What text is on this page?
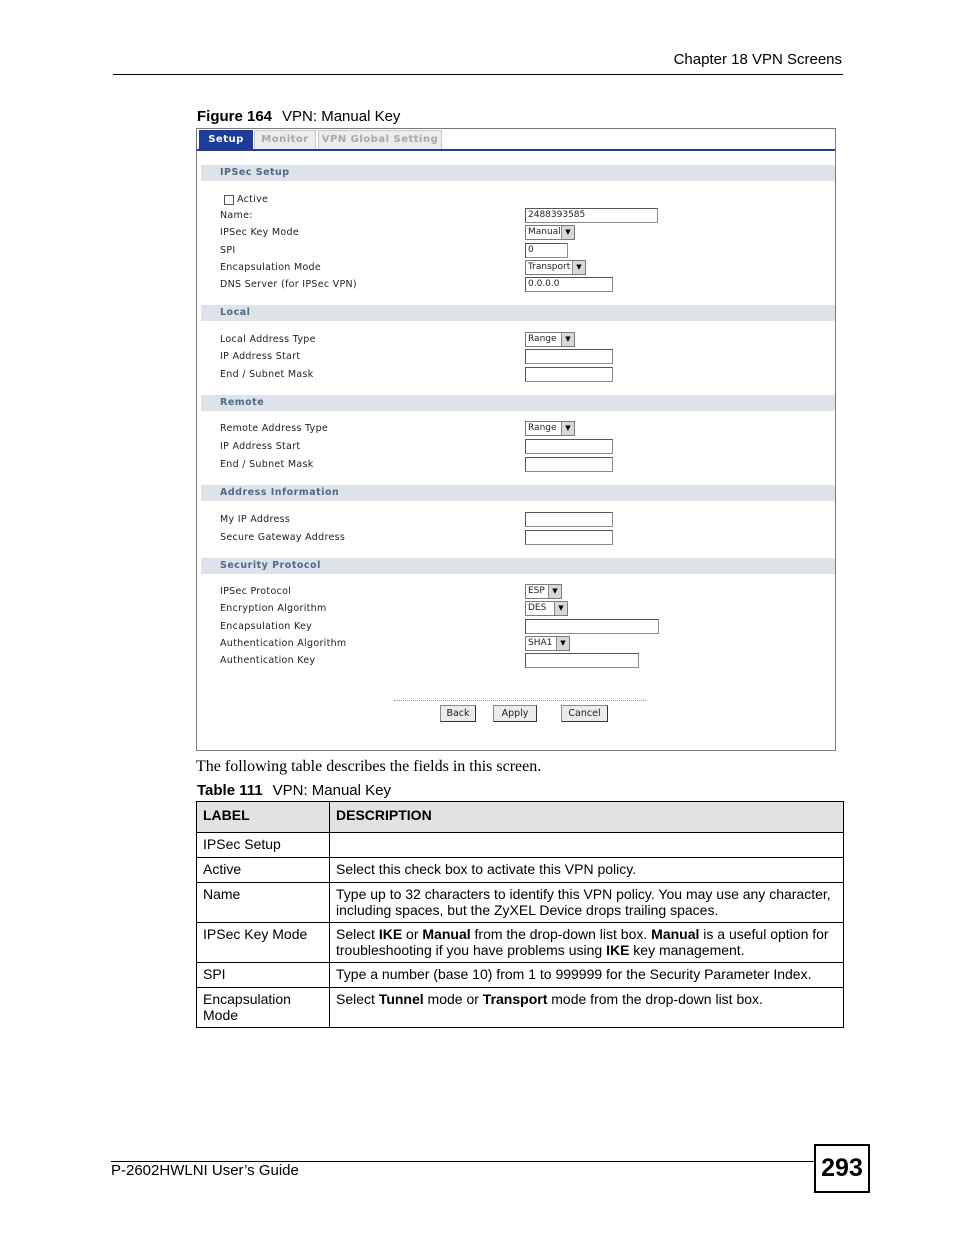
Chapter 18 VPN Screens
Figure 164 VPN: Manual Key
Setup	Monitor	VPN Global Setting
IPSec Setup
Active
Name:	2488393585
IPSec Key Mode	Manual ▼
SPI	0
Encapsulation Mode	Transport ▼
DNS Server (for IPSec VPN)	0.0.0.0
Local
Local Address Type	Range	▼
IP Address Start
End / Subnet Mask
Remote
Remote Address Type	Range	▼
IP Address Start
End / Subnet Mask
Address Information
My IP Address
Secure Gateway Address
Security Protocol
IPSec Protocol	ESP	▼
Encryption Algorithm	DES	▼
Encapsulation Key
Authentication Algorithm	SHA1	▼
Authentication Key
Back	Apply	Cancel
The following table describes the fields in this screen.
Table 111 VPN: Manual Key
LABEL	DESCRIPTION
IPSec Setup	
Active	Select this check box to activate this VPN policy.
Name	Type up to 32 characters to identify this VPN policy. You may use any character, including spaces, but the ZyXEL Device drops trailing spaces.
IPSec Key Mode	Select IKE or Manual from the drop-down list box. Manual is a useful option for troubleshooting if you have problems using IKE key management.
SPI	Type a number (base 10) from 1 to 999999 for the Security Parameter Index.
Encapsulation Mode	Select Tunnel mode or Transport mode from the drop-down list box.
P-2602HWLNI User’s Guide	293
